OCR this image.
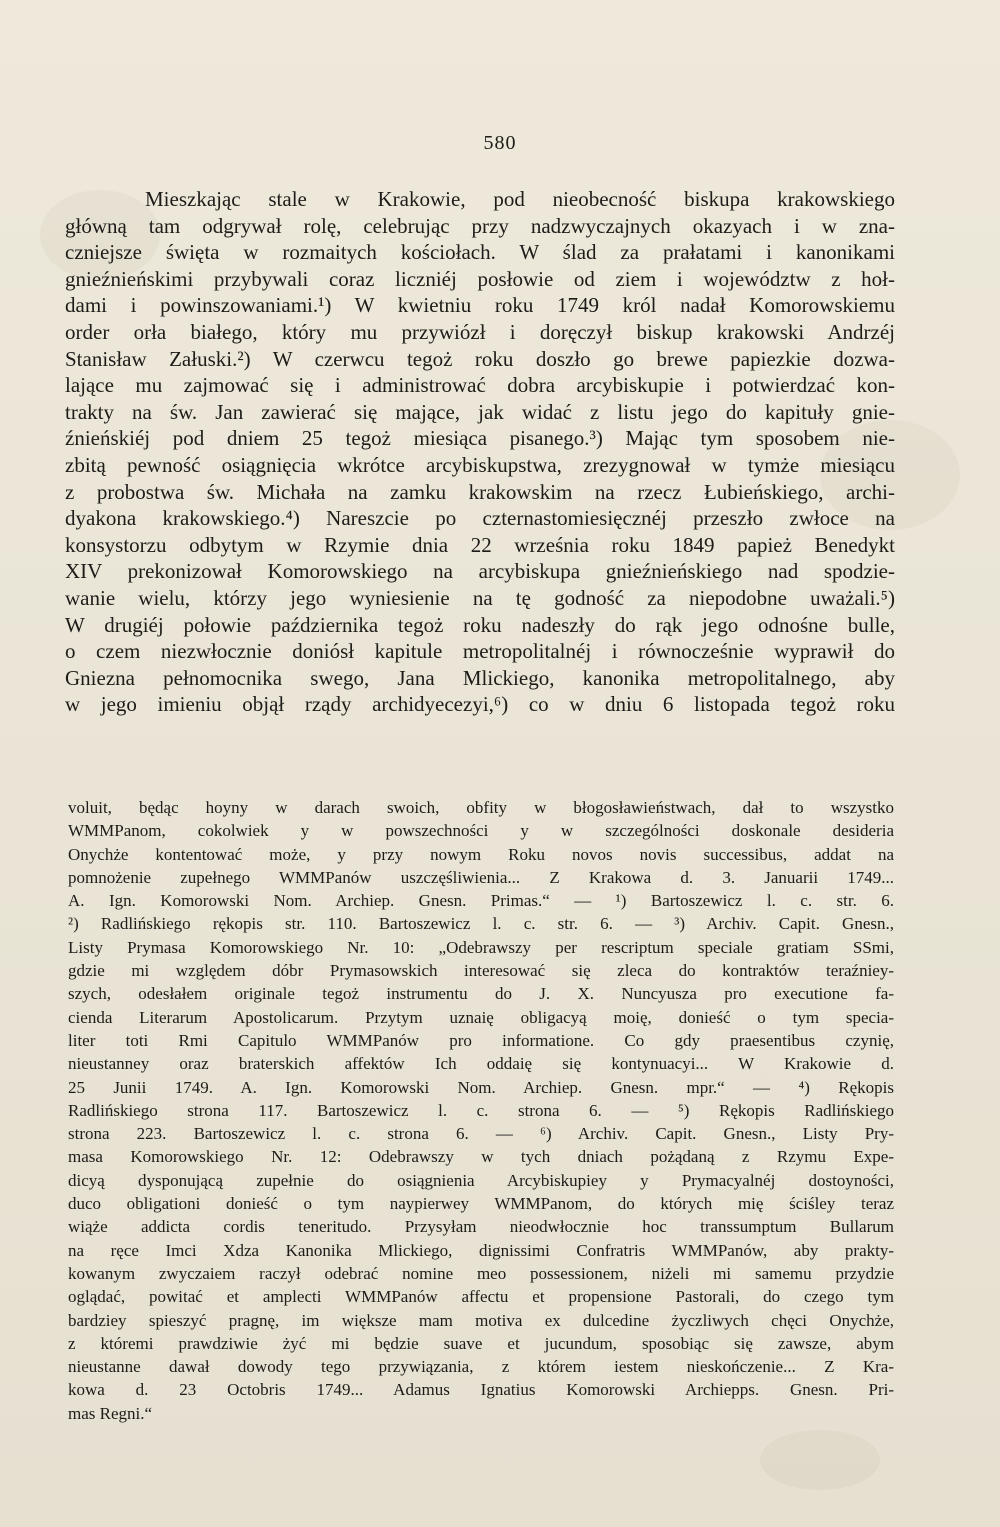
580
Mieszkając stale w Krakowie, pod nieobecność biskupa krakowskiego
główną tam odgrywał rolę, celebrując przy nadzwyczajnych okazyach i w zna-
czniejsze święta w rozmaitych kościołach. W ślad za prałatami i kanonikami
gnieźnieńskimi przybywali coraz liczniéj posłowie od ziem i województw z hoł-
dami i powinszowaniami.¹) W kwietniu roku 1749 król nadał Komorowskiemu
order orła białego, który mu przywiózł i doręczył biskup krakowski Andrzéj
Stanisław Załuski.²) W czerwcu tegoż roku doszło go brewe papiezkie dozwa-
lające mu zajmować się i administrować dobra arcybiskupie i potwierdzać kon-
trakty na św. Jan zawierać się mające, jak widać z listu jego do kapituły gnie-
źnieńskiéj pod dniem 25 tegoż miesiąca pisanego.³) Mając tym sposobem nie-
zbitą pewność osiągnięcia wkrótce arcybiskupstwa, zrezygnował w tymże miesiącu
z probostwa św. Michała na zamku krakowskim na rzecz Łubieńskiego, archi-
dyakona krakowskiego.⁴) Nareszcie po czternastomiesięcznéj przeszło zwłoce na
konsystorzu odbytym w Rzymie dnia 22 września roku 1849 papież Benedykt
XIV prekonizował Komorowskiego na arcybiskupa gnieźnieńskiego nad spodzie-
wanie wielu, którzy jego wyniesienie na tę godność za niepodobne uważali.⁵)
W drugiéj połowie października tegoż roku nadeszły do rąk jego odnośne bulle,
o czem niezwłocznie doniósł kapitule metropolitalnéj i równocześnie wyprawił do
Gniezna pełnomocnika swego, Jana Mlickiego, kanonika metropolitalnego, aby
w jego imieniu objął rządy archidyecezyi,⁶) co w dniu 6 listopada tegoż roku
voluit, będąc hoyny w darach swoich, obfity w błogosławieństwach, dał to wszystko
WMMPanom, cokolwiek y w powszechności y w szczególności doskonale desideria
Onychże kontentować może, y przy nowym Roku novos novis successibus, addat na
pomnożenie zupełnego WMMPanów uszczęśliwienia... Z Krakowa d. 3. Januarii 1749...
A. Ign. Komorowski Nom. Archiep. Gnesn. Primas.“ — ¹) Bartoszewicz l. c. str. 6.
²) Radlińskiego rękopis str. 110. Bartoszewicz l. c. str. 6. — ³) Archiv. Capit. Gnesn.,
Listy Prymasa Komorowskiego Nr. 10: „Odebrawszy per rescriptum speciale gratiam SSmi,
gdzie mi względem dóbr Prymasowskich interesować się zleca do kontraktów teraźniey-
szych, odesłałem originale tegoż instrumentu do J. X. Nuncyusza pro executione fa-
cienda Literarum Apostolicarum. Przytym uznaię obligacyą moię, donieść o tym specia-
liter toti Rmi Capitulo WMMPanów pro informatione. Co gdy praesentibus czynię,
nieustanney oraz braterskich affektów Ich oddaię się kontynuacyi... W Krakowie d.
25 Junii 1749. A. Ign. Komorowski Nom. Archiep. Gnesn. mpr.“ — ⁴) Rękopis
Radlińskiego strona 117. Bartoszewicz l. c. strona 6. — ⁵) Rękopis Radlińskiego
strona 223. Bartoszewicz l. c. strona 6. — ⁶) Archiv. Capit. Gnesn., Listy Pry-
masa Komorowskiego Nr. 12: Odebrawszy w tych dniach pożądaną z Rzymu Expe-
dicyą dysponującą zupełnie do osiągnienia Arcybiskupiey y Prymacyalnéj dostoyności,
duco obligationi donieść o tym naypierwey WMMPanom, do których mię ściśley teraz
wiąże addicta cordis teneritudo. Przysyłam nieodwłocznie hoc transsumptum Bullarum
na ręce Imci Xdza Kanonika Mlickiego, dignissimi Confratris WMMPanów, aby prakty-
kowanym zwyczaiem raczył odebrać nomine meo possessionem, niżeli mi samemu przydzie
oglądać, powitać et amplecti WMMPanów affectu et propensione Pastorali, do czego tym
bardziey spieszyć pragnę, im większe mam motiva ex dulcedine życzliwych chęci Onychże,
z któremi prawdziwie żyć mi będzie suave et jucundum, sposobiąc się zawsze, abym
nieustanne dawał dowody tego przywiązania, z którem iestem nieskończenie... Z Kra-
kowa d. 23 Octobris 1749... Adamus Ignatius Komorowski Archiepps. Gnesn. Pri-
mas Regni.“
